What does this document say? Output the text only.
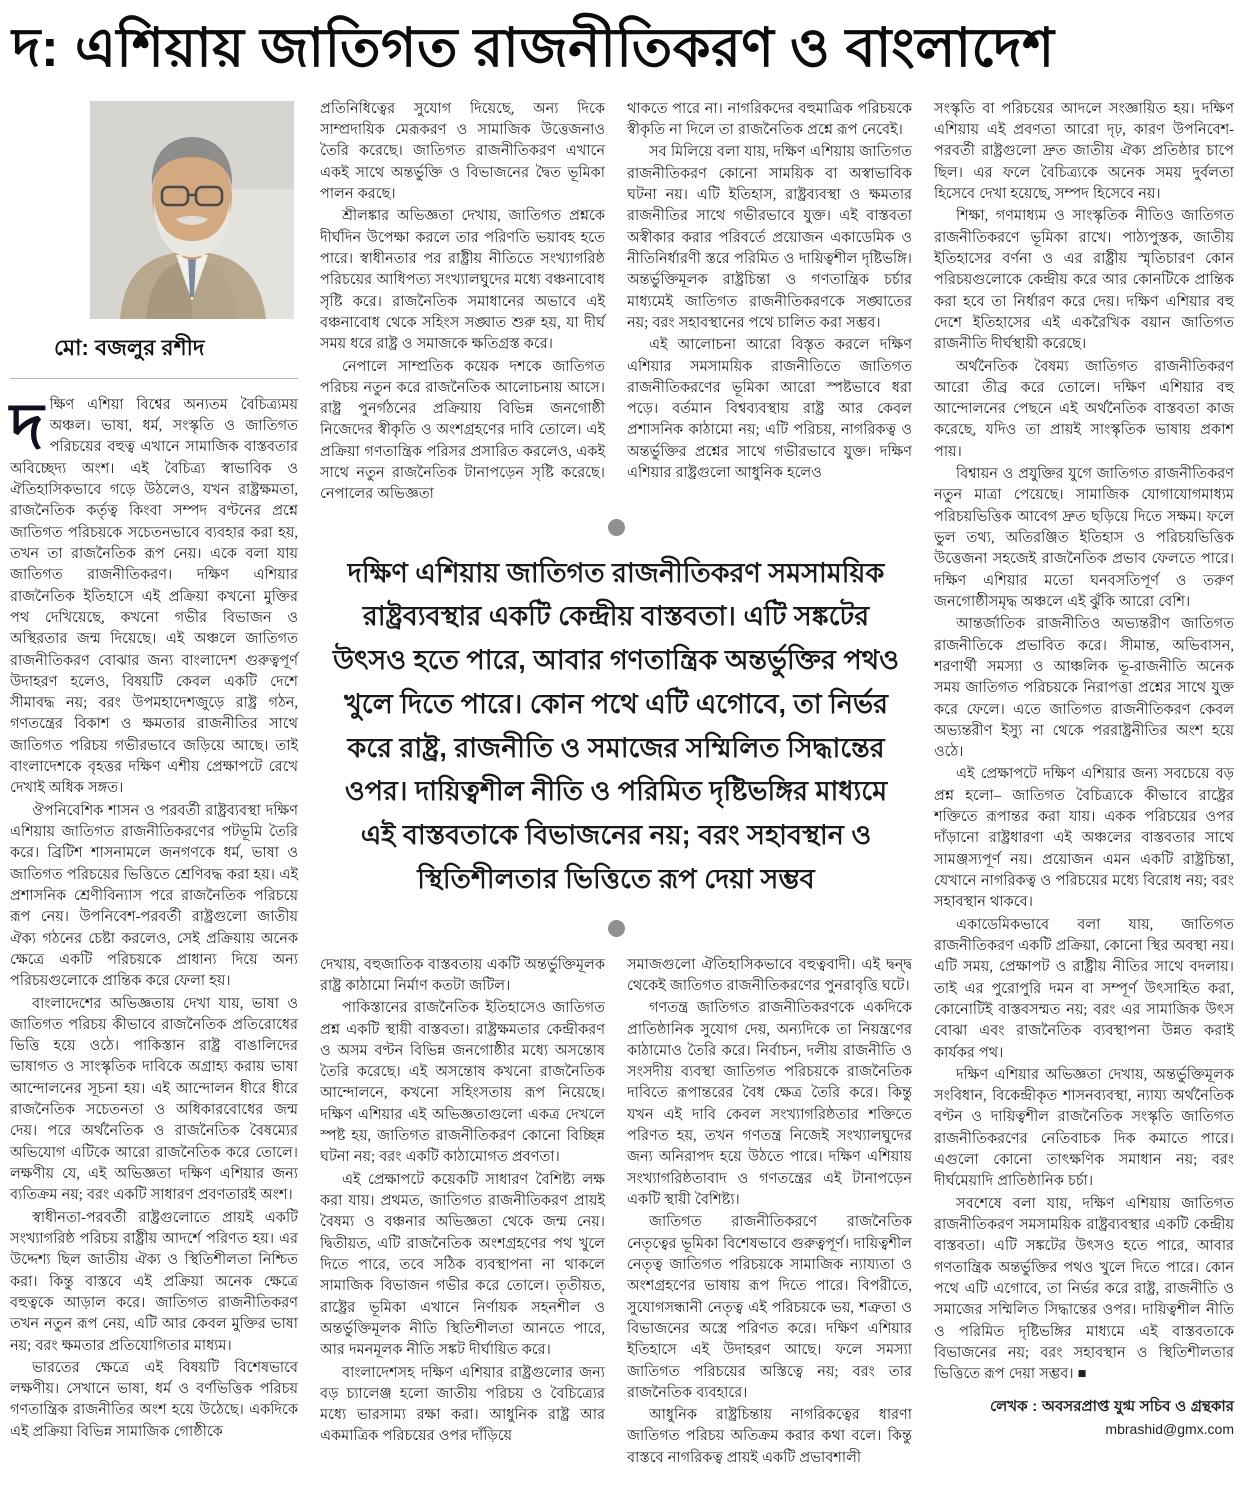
দ: এশিয়ায় জাতিগত রাজনীতিকরণ ও বাংলাদেশ
মো: বজলুর রশীদ
দ ক্ষিণ এশিয়া বিশ্বের অন্যতম বৈচিত্র্যময় অঞ্চল। ভাষা, ধর্ম, সংস্কৃতি ও জাতিগত পরিচয়ের বহুত্ব এখানে সামাজিক বাস্তবতার অবিচ্ছেদ্য অংশ। এই বৈচিত্র্য স্বাভাবিক ও ঐতিহাসিকভাবে গড়ে উঠলেও, যখন রাষ্ট্রক্ষমতা, রাজনৈতিক কর্তৃত্ব কিংবা সম্পদ বণ্টনের প্রশ্নে জাতিগত পরিচয়কে সচেতনভাবে ব্যবহার করা হয়, তখন তা রাজনৈতিক রূপ নেয়। একে বলা যায় জাতিগত রাজনীতিকরণ। দক্ষিণ এশিয়ার রাজনৈতিক ইতিহাসে এই প্রক্রিয়া কখনো মুক্তির পথ দেখিয়েছে, কখনো গভীর বিভাজন ও অস্থিরতার জন্ম দিয়েছে। এই অঞ্চলে জাতিগত রাজনীতিকরণ বোঝার জন্য বাংলাদেশ গুরুত্বপূর্ণ উদাহরণ হলেও, বিষয়টি কেবল একটি দেশে সীমাবদ্ধ নয়; বরং উপমহাদেশজুড়ে রাষ্ট্র গঠন, গণতন্ত্রের বিকাশ ও ক্ষমতার রাজনীতির সাথে জাতিগত পরিচয় গভীরভাবে জড়িয়ে আছে। তাই বাংলাদেশকে বৃহত্তর দক্ষিণ এশীয় প্রেক্ষাপটে রেখে দেখাই অধিক সঙ্গত।

ঔপনিবেশিক শাসন ও পরবর্তী রাষ্ট্রব্যবস্থা দক্ষিণ এশিয়ায় জাতিগত রাজনীতিকরণের পটভূমি তৈরি করে। ব্রিটিশ শাসনামলে জনগণকে ধর্ম, ভাষা ও জাতিগত পরিচয়ের ভিত্তিতে শ্রেণিবদ্ধ করা হয়। এই প্রশাসনিক শ্রেণীবিন্যাস পরে রাজনৈতিক পরিচয়ে রূপ নেয়। উপনিবেশ-পরবর্তী রাষ্ট্রগুলো জাতীয় ঐক্য গঠনের চেষ্টা করলেও, সেই প্রক্রিয়ায় অনেক ক্ষেত্রে একটি পরিচয়কে প্রাধান্য দিয়ে অন্য পরিচয়গুলোকে প্রান্তিক করে ফেলা হয়।

বাংলাদেশের অভিজ্ঞতায় দেখা যায়, ভাষা ও জাতিগত পরিচয় কীভাবে রাজনৈতিক প্রতিরোধের ভিত্তি হয়ে ওঠে। পাকিস্তান রাষ্ট্র বাঙালিদের ভাষাগত ও সাংস্কৃতিক দাবিকে অগ্রাহ্য করায় ভাষা আন্দোলনের সূচনা হয়। এই আন্দোলন ধীরে ধীরে রাজনৈতিক সচেতনতা ও অধিকারবোধের জন্ম দেয়। পরে অর্থনৈতিক ও রাজনৈতিক বৈষম্যের অভিযোগ এটিকে আরো রাজনৈতিক করে তোলে। লক্ষণীয় যে, এই অভিজ্ঞতা দক্ষিণ এশিয়ার জন্য ব্যতিক্রম নয়; বরং একটি সাধারণ প্রবণতারই অংশ।

স্বাধীনতা-পরবর্তী রাষ্ট্রগুলোতে প্রায়ই একটি সংখ্যাগরিষ্ঠ পরিচয় রাষ্ট্রীয় আদর্শে পরিণত হয়। এর উদ্দেশ্য ছিল জাতীয় ঐক্য ও স্থিতিশীলতা নিশ্চিত করা। কিন্তু বাস্তবে এই প্রক্রিয়া অনেক ক্ষেত্রে বহুত্বকে আড়াল করে। জাতিগত রাজনীতিকরণ তখন নতুন রূপ নেয়, এটি আর কেবল মুক্তির ভাষা নয়; বরং ক্ষমতার প্রতিযোগিতার মাধ্যম।

ভারতের ক্ষেত্রে এই বিষয়টি বিশেষভাবে লক্ষণীয়। সেখানে ভাষা, ধর্ম ও বর্ণভিত্তিক পরিচয় গণতান্ত্রিক রাজনীতির অংশ হয়ে উঠেছে। একদিকে এই প্রক্রিয়া বিভিন্ন সামাজিক গোষ্ঠীকে

প্রতিনিধিত্বের সুযোগ দিয়েছে, অন্য দিকে সাম্প্রদায়িক মেরূকরণ ও সামাজিক উত্তেজনাও তৈরি করেছে। জাতিগত রাজনীতিকরণ এখানে একই সাথে অন্তর্ভুক্তি ও বিভাজনের দ্বৈত ভূমিকা পালন করছে।

শ্রীলঙ্কার অভিজ্ঞতা দেখায়, জাতিগত প্রশ্নকে দীর্ঘদিন উপেক্ষা করলে তার পরিণতি ভয়াবহ হতে পারে। স্বাধীনতার পর রাষ্ট্রীয় নীতিতে সংখ্যাগরিষ্ঠ পরিচয়ের আধিপত্য সংখ্যালঘুদের মধ্যে বঞ্চনাবোধ সৃষ্টি করে। রাজনৈতিক সমাধানের অভাবে এই বঞ্চনাবোধ থেকে সহিংস সঙ্ঘাত শুরু হয়, যা দীর্ঘ সময় ধরে রাষ্ট্র ও সমাজকে ক্ষতিগ্রস্ত করে।

নেপালে সাম্প্রতিক কয়েক দশকে জাতিগত পরিচয় নতুন করে রাজনৈতিক আলোচনায় আসে। রাষ্ট্র পুনর্গঠনের প্রক্রিয়ায় বিভিন্ন জনগোষ্ঠী নিজেদের স্বীকৃতি ও অংশগ্রহণের দাবি তোলে। এই প্রক্রিয়া গণতান্ত্রিক পরিসর প্রসারিত করলেও, একই সাথে নতুন রাজনৈতিক টানাপড়েন সৃষ্টি করেছে। নেপালের অভিজ্ঞতা

থাকতে পারে না। নাগরিকদের বহুমাত্রিক পরিচয়কে স্বীকৃতি না দিলে তা রাজনৈতিক প্রশ্নে রূপ নেবেই।

সব মিলিয়ে বলা যায়, দক্ষিণ এশিয়ায় জাতিগত রাজনীতিকরণ কোনো সাময়িক বা অস্বাভাবিক ঘটনা নয়। এটি ইতিহাস, রাষ্ট্রব্যবস্থা ও ক্ষমতার রাজনীতির সাথে গভীরভাবে যুক্ত। এই বাস্তবতা অস্বীকার করার পরিবর্তে প্রয়োজন একাডেমিক ও নীতিনির্ধারণী স্তরে পরিমিত ও দায়িত্বশীল দৃষ্টিভঙ্গি। অন্তর্ভুক্তিমূলক রাষ্ট্রচিন্তা ও গণতান্ত্রিক চর্চার মাধ্যমেই জাতিগত রাজনীতিকরণকে সঙ্ঘাতের নয়; বরং সহাবস্থানের পথে চালিত করা সম্ভব।

এই আলোচনা আরো বিস্তৃত করলে দক্ষিণ এশিয়ার সমসাময়িক রাজনীতিতে জাতিগত রাজনীতিকরণের ভূমিকা আরো স্পষ্টভাবে ধরা পড়ে। বর্তমান বিশ্বব্যবস্থায় রাষ্ট্র আর কেবল প্রশাসনিক কাঠামো নয়; এটি পরিচয়, নাগরিকত্ব ও অন্তর্ভুক্তির প্রশ্নের সাথে গভীরভাবে যুক্ত। দক্ষিণ এশিয়ার রাষ্ট্রগুলো আধুনিক হলেও

দক্ষিণ এশিয়ায় জাতিগত রাজনীতিকরণ সমসাময়িক রাষ্ট্রব্যবস্থার একটি কেন্দ্রীয় বাস্তবতা। এটি সঙ্কটের উৎসও হতে পারে, আবার গণতান্ত্রিক অন্তর্ভুক্তির পথও খুলে দিতে পারে। কোন পথে এটি এগোবে, তা নির্ভর করে রাষ্ট্র, রাজনীতি ও সমাজের সম্মিলিত সিদ্ধান্তের ওপর। দায়িত্বশীল নীতি ও পরিমিত দৃষ্টিভঙ্গির মাধ্যমে এই বাস্তবতাকে বিভাজনের নয়; বরং সহাবস্থান ও স্থিতিশীলতার ভিত্তিতে রূপ দেয়া সম্ভব

দেখায়, বহুজাতিক বাস্তবতায় একটি অন্তর্ভুক্তিমূলক রাষ্ট্র কাঠামো নির্মাণ কতটা জটিল।

পাকিস্তানের রাজনৈতিক ইতিহাসেও জাতিগত প্রশ্ন একটি স্থায়ী বাস্তবতা। রাষ্ট্রক্ষমতার কেন্দ্রীকরণ ও অসম বণ্টন বিভিন্ন জনগোষ্ঠীর মধ্যে অসন্তোষ তৈরি করেছে। এই অসন্তোষ কখনো রাজনৈতিক আন্দোলনে, কখনো সহিংসতায় রূপ নিয়েছে। দক্ষিণ এশিয়ার এই অভিজ্ঞতাগুলো একত্র দেখলে স্পষ্ট হয়, জাতিগত রাজনীতিকরণ কোনো বিচ্ছিন্ন ঘটনা নয়; বরং একটি কাঠামোগত প্রবণতা।

এই প্রেক্ষাপটে কয়েকটি সাধারণ বৈশিষ্ট্য লক্ষ করা যায়। প্রথমত, জাতিগত রাজনীতিকরণ প্রায়ই বৈষম্য ও বঞ্চনার অভিজ্ঞতা থেকে জন্ম নেয়। দ্বিতীয়ত, এটি রাজনৈতিক অংশগ্রহণের পথ খুলে দিতে পারে, তবে সঠিক ব্যবস্থাপনা না থাকলে সামাজিক বিভাজন গভীর করে তোলে। তৃতীয়ত, রাষ্ট্রের ভূমিকা এখানে নির্ণায়ক সহনশীল ও অন্তর্ভুক্তিমূলক নীতি স্থিতিশীলতা আনতে পারে, আর দমনমূলক নীতি সঙ্কট দীর্ঘায়িত করে।

বাংলাদেশসহ দক্ষিণ এশিয়ার রাষ্ট্রগুলোর জন্য বড় চ্যালেঞ্জ হলো জাতীয় পরিচয় ও বৈচিত্র্যের মধ্যে ভারসাম্য রক্ষা করা। আধুনিক রাষ্ট্র আর একমাত্রিক পরিচয়ের ওপর দাঁড়িয়ে

সমাজগুলো ঐতিহাসিকভাবে বহুত্ববাদী। এই দ্বন্দ্ব থেকেই জাতিগত রাজনীতিকরণের পুনরাবৃত্তি ঘটে।

গণতন্ত্র জাতিগত রাজনীতিকরণকে একদিকে প্রাতিষ্ঠানিক সুযোগ দেয়, অন্যদিকে তা নিয়ন্ত্রণের কাঠামোও তৈরি করে। নির্বাচন, দলীয় রাজনীতি ও সংসদীয় ব্যবস্থা জাতিগত পরিচয়কে রাজনৈতিক দাবিতে রূপান্তরের বৈধ ক্ষেত্র তৈরি করে। কিন্তু যখন এই দাবি কেবল সংখ্যাগরিষ্ঠতার শক্তিতে পরিণত হয়, তখন গণতন্ত্র নিজেই সংখ্যালঘুদের জন্য অনিরাপদ হয়ে উঠতে পারে। দক্ষিণ এশিয়ায় সংখ্যাগরিষ্ঠতাবাদ ও গণতন্ত্রের এই টানাপড়েন একটি স্থায়ী বৈশিষ্ট্য।

জাতিগত রাজনীতিকরণে রাজনৈতিক নেতৃত্বের ভূমিকা বিশেষভাবে গুরুত্বপূর্ণ। দায়িত্বশীল নেতৃত্ব জাতিগত পরিচয়কে সামাজিক ন্যায্যতা ও অংশগ্রহণের ভাষায় রূপ দিতে পারে। বিপরীতে, সুযোগসন্ধানী নেতৃত্ব এই পরিচয়কে ভয়, শত্রুতা ও বিভাজনের অস্ত্রে পরিণত করে। দক্ষিণ এশিয়ার ইতিহাসে এই উদাহরণ আছে। ফলে সমস্যা জাতিগত পরিচয়ের অস্তিত্বে নয়; বরং তার রাজনৈতিক ব্যবহারে।

আধুনিক রাষ্ট্রচিন্তায় নাগরিকত্বের ধারণা জাতিগত পরিচয় অতিক্রম করার কথা বলে। কিন্তু বাস্তবে নাগরিকত্ব প্রায়ই একটি প্রভাবশালী

সংস্কৃতি বা পরিচয়ের আদলে সংজ্ঞায়িত হয়। দক্ষিণ এশিয়ায় এই প্রবণতা আরো দৃঢ়, কারণ উপনিবেশ-পরবর্তী রাষ্ট্রগুলো দ্রুত জাতীয় ঐক্য প্রতিষ্ঠার চাপে ছিল। এর ফলে বৈচিত্র্যকে অনেক সময় দুর্বলতা হিসেবে দেখা হয়েছে, সম্পদ হিসেবে নয়।

শিক্ষা, গণমাধ্যম ও সাংস্কৃতিক নীতিও জাতিগত রাজনীতিকরণে ভূমিকা রাখে। পাঠ্যপুস্তক, জাতীয় ইতিহাসের বর্ণনা ও এর রাষ্ট্রীয় স্মৃতিচারণ কোন পরিচয়গুলোকে কেন্দ্রীয় করে আর কোনটিকে প্রান্তিক করা হবে তা নির্ধারণ করে দেয়। দক্ষিণ এশিয়ার বহু দেশে ইতিহাসের এই একরৈখিক বয়ান জাতিগত রাজনীতি দীর্ঘস্থায়ী করেছে।

অর্থনৈতিক বৈষম্য জাতিগত রাজনীতিকরণ আরো তীব্র করে তোলে। দক্ষিণ এশিয়ার বহু আন্দোলনের পেছনে এই অর্থনৈতিক বাস্তবতা কাজ করেছে, যদিও তা প্রায়ই সাংস্কৃতিক ভাষায় প্রকাশ পায়।

বিশ্বায়ন ও প্রযুক্তির যুগে জাতিগত রাজনীতিকরণ নতুন মাত্রা পেয়েছে। সামাজিক যোগাযোগমাধ্যম পরিচয়ভিত্তিক আবেগ দ্রুত ছড়িয়ে দিতে সক্ষম। ফলে ভুল তথ্য, অতিরঞ্জিত ইতিহাস ও পরিচয়ভিত্তিক উত্তেজনা সহজেই রাজনৈতিক প্রভাব ফেলতে পারে। দক্ষিণ এশিয়ার মতো ঘনবসতিপূর্ণ ও তরুণ জনগোষ্ঠীসমৃদ্ধ অঞ্চলে এই ঝুঁকি আরো বেশি।

আন্তর্জাতিক রাজনীতিও অভ্যন্তরীণ জাতিগত রাজনীতিকে প্রভাবিত করে। সীমান্ত, অভিবাসন, শরণার্থী সমস্যা ও আঞ্চলিক ভূ-রাজনীতি অনেক সময় জাতিগত পরিচয়কে নিরাপত্তা প্রশ্নের সাথে যুক্ত করে ফেলে। এতে জাতিগত রাজনীতিকরণ কেবল অভ্যন্তরীণ ইস্যু না থেকে পররাষ্ট্রনীতির অংশ হয়ে ওঠে।

এই প্রেক্ষাপটে দক্ষিণ এশিয়ার জন্য সবচেয়ে বড় প্রশ্ন হলো– জাতিগত বৈচিত্র্যকে কীভাবে রাষ্ট্রের শক্তিতে রূপান্তর করা যায়। একক পরিচয়ের ওপর দাঁড়ানো রাষ্ট্রধারণা এই অঞ্চলের বাস্তবতার সাথে সামঞ্জস্যপূর্ণ নয়। প্রয়োজন এমন একটি রাষ্ট্রচিন্তা, যেখানে নাগরিকত্ব ও পরিচয়ের মধ্যে বিরোধ নয়; বরং সহাবস্থান থাকবে।

একাডেমিকভাবে বলা যায়, জাতিগত রাজনীতিকরণ একটি প্রক্রিয়া, কোনো স্থির অবস্থা নয়। এটি সময়, প্রেক্ষাপট ও রাষ্ট্রীয় নীতির সাথে বদলায়। তাই এর পুরোপুরি দমন বা সম্পূর্ণ উৎসাহিত করা, কোনোটিই বাস্তবসম্মত নয়; বরং এর সামাজিক উৎস বোঝা এবং রাজনৈতিক ব্যবস্থাপনা উন্নত করাই কার্যকর পথ।

দক্ষিণ এশিয়ার অভিজ্ঞতা দেখায়, অন্তর্ভুক্তিমূলক সংবিধান, বিকেন্দ্রীকৃত শাসনব্যবস্থা, ন্যায্য অর্থনৈতিক বণ্টন ও দায়িত্বশীল রাজনৈতিক সংস্কৃতি জাতিগত রাজনীতিকরণের নেতিবাচক দিক কমাতে পারে। এগুলো কোনো তাৎক্ষণিক সমাধান নয়; বরং দীর্ঘমেয়াদি প্রাতিষ্ঠানিক চর্চা।

সবশেষে বলা যায়, দক্ষিণ এশিয়ায় জাতিগত রাজনীতিকরণ সমসাময়িক রাষ্ট্রব্যবস্থার একটি কেন্দ্রীয় বাস্তবতা। এটি সঙ্কটের উৎসও হতে পারে, আবার গণতান্ত্রিক অন্তর্ভুক্তির পথও খুলে দিতে পারে। কোন পথে এটি এগোবে, তা নির্ভর করে রাষ্ট্র, রাজনীতি ও সমাজের সম্মিলিত সিদ্ধান্তের ওপর। দায়িত্বশীল নীতি ও পরিমিত দৃষ্টিভঙ্গির মাধ্যমে এই বাস্তবতাকে বিভাজনের নয়; বরং সহাবস্থান ও স্থিতিশীলতার ভিত্তিতে রূপ দেয়া সম্ভব। ■

লেখক : অবসরপ্রাপ্ত যুগ্ম সচিব ও গ্রন্থকার

mbrashid@gmx.com
